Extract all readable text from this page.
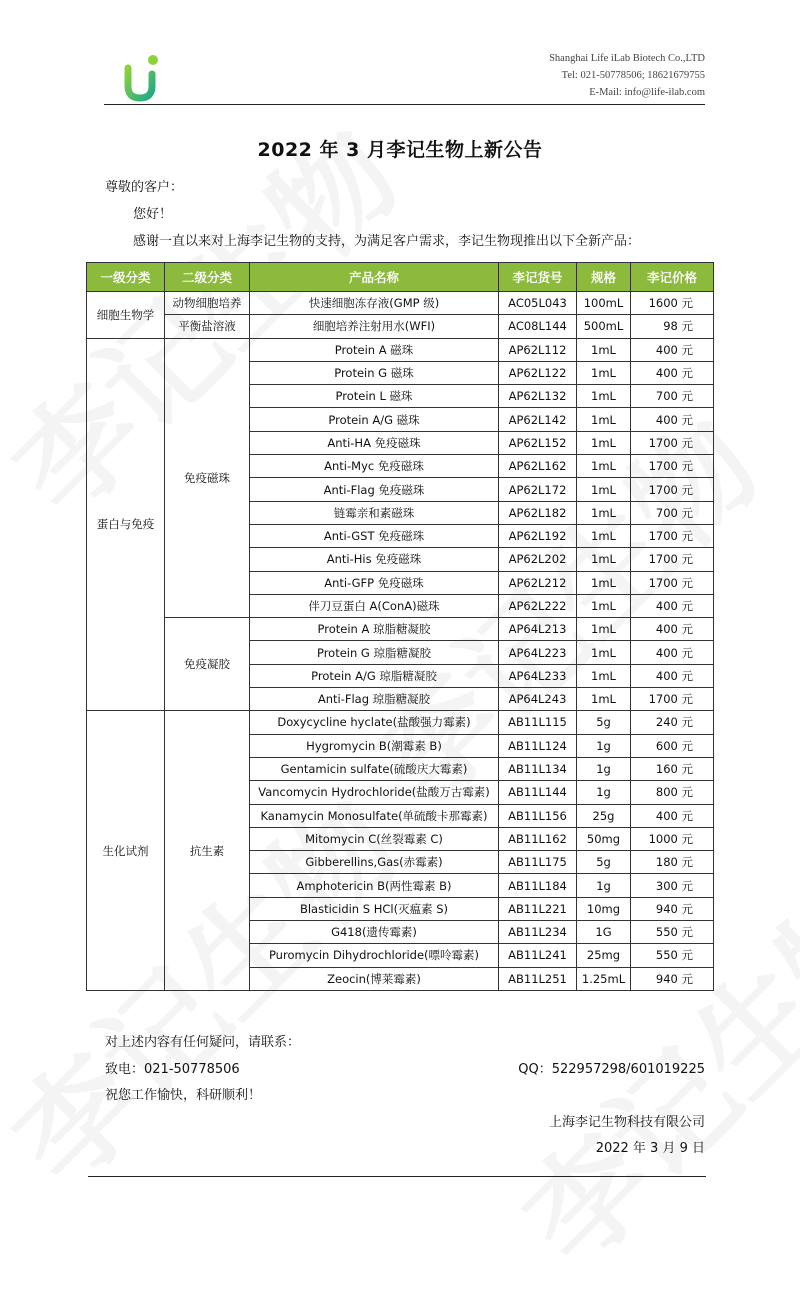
Shanghai Life iLab Biotech Co.,LTD
Tel: 021-50778506; 18621679755
E-Mail: info@life-ilab.com
2022 年 3 月李记生物上新公告
尊敬的客户：
您好！
感谢一直以来对上海李记生物的支持，为满足客户需求，李记生物现推出以下全新产品：
一级分类	二级分类	产品名称	李记货号	规格	李记价格
细胞生物学	动物细胞培养	快速细胞冻存液(GMP 级)	AC05L043	100mL	1600 元
	平衡盐溶液	细胞培养注射用水(WFI)	AC08L144	500mL	98 元
蛋白与免疫	免疫磁珠	Protein A 磁珠	AP62L112	1mL	400 元
		Protein G 磁珠	AP62L122	1mL	400 元
		Protein L 磁珠	AP62L132	1mL	700 元
		Protein A/G 磁珠	AP62L142	1mL	400 元
		Anti-HA 免疫磁珠	AP62L152	1mL	1700 元
		Anti-Myc 免疫磁珠	AP62L162	1mL	1700 元
		Anti-Flag 免疫磁珠	AP62L172	1mL	1700 元
		链霉亲和素磁珠	AP62L182	1mL	700 元
		Anti-GST 免疫磁珠	AP62L192	1mL	1700 元
		Anti-His 免疫磁珠	AP62L202	1mL	1700 元
		Anti-GFP 免疫磁珠	AP62L212	1mL	1700 元
		伴刀豆蛋白 A(ConA)磁珠	AP62L222	1mL	400 元
	免疫凝胶	Protein A 琼脂糖凝胶	AP64L213	1mL	400 元
		Protein G 琼脂糖凝胶	AP64L223	1mL	400 元
		Protein A/G 琼脂糖凝胶	AP64L233	1mL	400 元
		Anti-Flag 琼脂糖凝胶	AP64L243	1mL	1700 元
生化试剂	抗生素	Doxycycline hyclate(盐酸强力霉素)	AB11L115	5g	240 元
		Hygromycin B(潮霉素 B)	AB11L124	1g	600 元
		Gentamicin sulfate(硫酸庆大霉素)	AB11L134	1g	160 元
		Vancomycin Hydrochloride(盐酸万古霉素)	AB11L144	1g	800 元
		Kanamycin Monosulfate(单硫酸卡那霉素)	AB11L156	25g	400 元
		Mitomycin C(丝裂霉素 C)	AB11L162	50mg	1000 元
		Gibberellins,Gas(赤霉素)	AB11L175	5g	180 元
		Amphotericin B(两性霉素 B)	AB11L184	1g	300 元
		Blasticidin S HCl(灭瘟素 S)	AB11L221	10mg	940 元
		G418(遗传霉素)	AB11L234	1G	550 元
		Puromycin Dihydrochloride(嘌呤霉素)	AB11L241	25mg	550 元
		Zeocin(博莱霉素)	AB11L251	1.25mL	940 元
对上述内容有任何疑问，请联系：
致电：021-50778506	QQ：522957298/601019225
祝您工作愉快，科研顺利！
上海李记生物科技有限公司
2022 年 3 月 9 日
